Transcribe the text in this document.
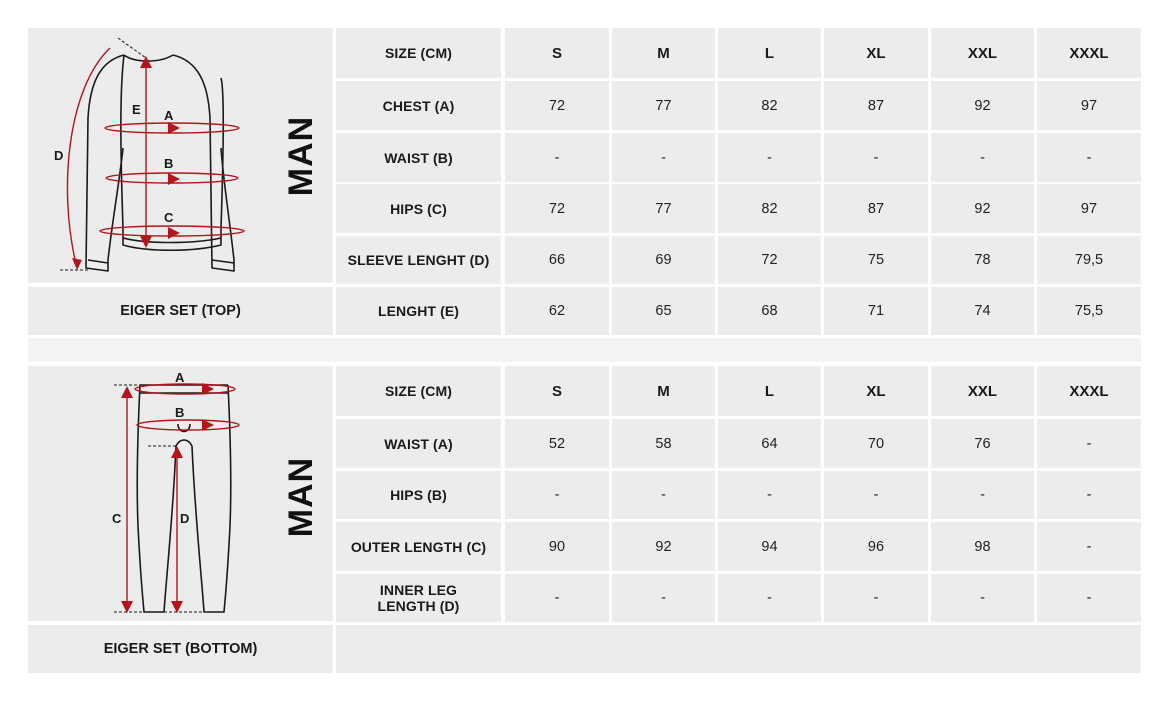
E A
B
C
D	MAN
EIGER SET (TOP)
SIZE (CM)	S	M	L	XL	XXL	XXXL
CHEST (A)	72	77	82	87	92	97
WAIST (B)	-	-	-	-	-	-
HIPS (C)	72	77	82	87	92	97
SLEEVE LENGHT (D)	66	69	72	75	78	79,5
LENGHT (E)	62	65	68	71	74	75,5
A
B
C	D	MAN
EIGER SET (BOTTOM)
SIZE (CM)	S	M	L	XL	XXL	XXXL
WAIST (A)	52	58	64	70	76	-
HIPS (B)	-	-	-	-	-	-
OUTER LENGTH (C)	90	92	94	96	98	-
INNER LEG
LENGTH (D)	-	-	-	-	-	-
